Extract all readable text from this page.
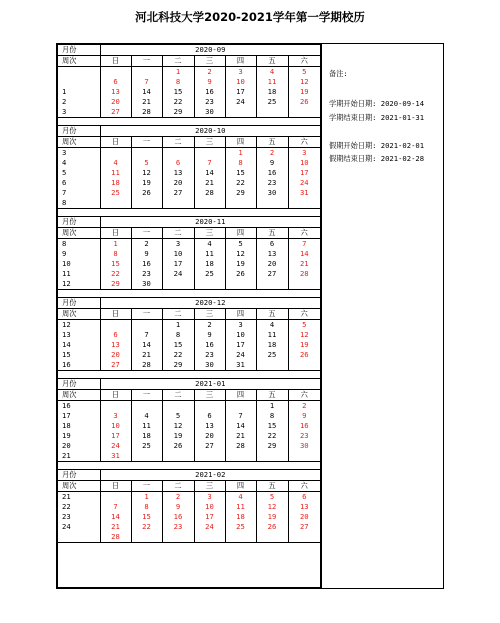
河北科技大学2020-2021学年第一学期校历
月份	2020-09						
周次	日	一	二	三	四	五	六
			1	2	3	4	5
	6	7	8	9	10	11	12
1	13	14	15	16	17	18	19
2	20	21	22	23	24	25	26
3	27	28	29	30			

月份	2020-10						
周次	日	一	二	三	四	五	六
3					1	2	3
4	4	5	6	7	8	9	10
5	11	12	13	14	15	16	17
6	18	19	20	21	22	23	24
7	25	26	27	28	29	30	31
8							

月份	2020-11						
周次	日	一	二	三	四	五	六
8	1	2	3	4	5	6	7
9	8	9	10	11	12	13	14
10	15	16	17	18	19	20	21
11	22	23	24	25	26	27	28
12	29	30					

月份	2020-12						
周次	日	一	二	三	四	五	六
12			1	2	3	4	5
13	6	7	8	9	10	11	12
14	13	14	15	16	17	18	19
15	20	21	22	23	24	25	26
16	27	28	29	30	31		

月份	2021-01						
周次	日	一	二	三	四	五	六
16						1	2
17	3	4	5	6	7	8	9
18	10	11	12	13	14	15	16
19	17	18	19	20	21	22	23
20	24	25	26	27	28	29	30
21	31						

月份	2021-02						
周次	日	一	二	三	四	五	六
21		1	2	3	4	5	6
22	7	8	9	10	11	12	13
23	14	15	16	17	18	19	20
24	21	22	23	24	25	26	27
	28						
备注:
学期开始日期: 2020-09-14
学期结束日期: 2021-01-31
假期开始日期: 2021-02-01
假期结束日期: 2021-02-28
